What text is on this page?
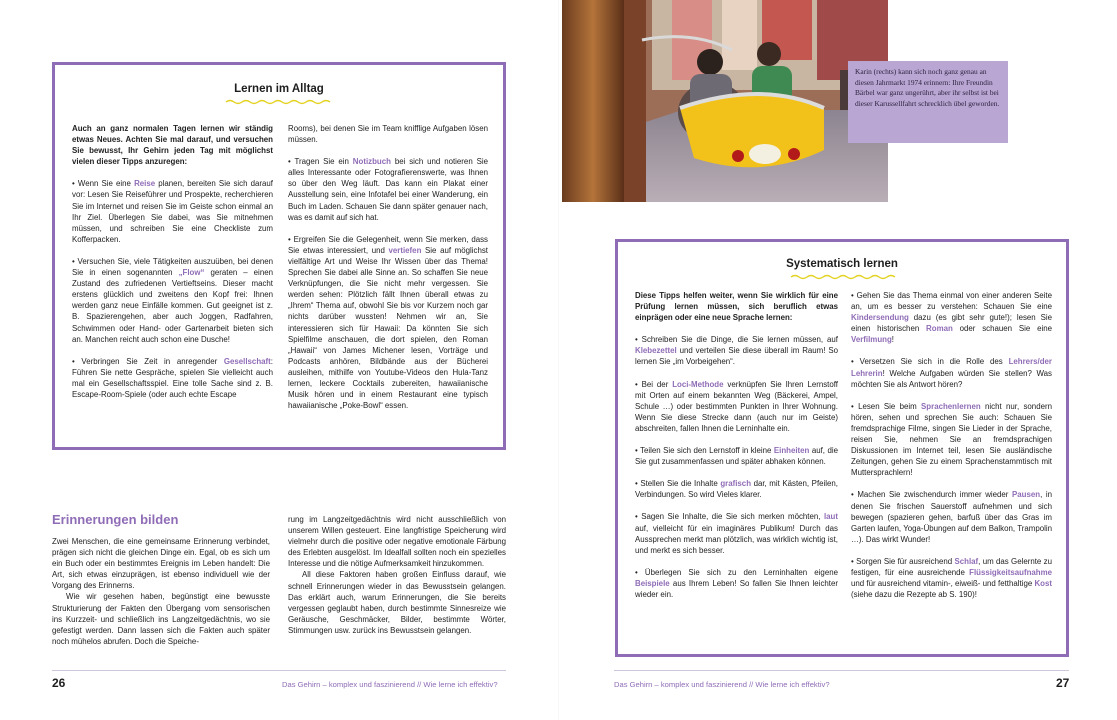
Lernen im Alltag

Auch an ganz normalen Tagen lernen wir ständig etwas Neues. Achten Sie mal darauf, und versuchen Sie bewusst, Ihr Gehirn jeden Tag mit möglichst vielen dieser Tipps anzuregen:

• Wenn Sie eine Reise planen, bereiten Sie sich darauf vor: Lesen Sie Reiseführer und Prospekte, recherchieren Sie im Internet und reisen Sie im Geiste schon einmal an Ihr Ziel. Überlegen Sie dabei, was Sie mitnehmen müssen, und schreiben Sie eine Checkliste zum Kofferpacken.

• Versuchen Sie, viele Tätigkeiten auszuüben, bei denen Sie in einen sogenannten „Flow“ geraten – einen Zustand des zufriedenen Vertieftseins. Dieser macht erstens glücklich und zweitens den Kopf frei: Ihnen werden ganz neue Einfälle kommen. Gut geeignet ist z. B. Spazierengehen, aber auch Joggen, Radfahren, Schwimmen oder Hand- oder Gartenarbeit bieten sich an. Manchen reicht auch schon eine Dusche!

• Verbringen Sie Zeit in anregender Gesellschaft: Führen Sie nette Gespräche, spielen Sie vielleicht auch mal ein Gesellschaftsspiel. Eine tolle Sache sind z. B. Escape-Room-Spiele (oder auch echte Escape

Rooms), bei denen Sie im Team knifflige Aufgaben lösen müssen.

• Tragen Sie ein Notizbuch bei sich und notieren Sie alles Interessante oder Fotografierenswerte, was Ihnen so über den Weg läuft. Das kann ein Plakat einer Ausstellung sein, eine Infotafel bei einer Wanderung, ein Buch im Laden. Schauen Sie dann später genauer nach, was es damit auf sich hat.

• Ergreifen Sie die Gelegenheit, wenn Sie merken, dass Sie etwas interessiert, und vertiefen Sie auf möglichst vielfältige Art und Weise Ihr Wissen über das Thema! Sprechen Sie dabei alle Sinne an. So schaffen Sie neue Verknüpfungen, die Sie nicht mehr vergessen. Sie werden sehen: Plötzlich fällt Ihnen überall etwas zu „Ihrem“ Thema auf, obwohl Sie bis vor Kurzem noch gar nichts darüber wussten! Nehmen wir an, Sie interessieren sich für Hawaii: Da könnten Sie sich Spielfilme anschauen, die dort spielen, den Roman „Hawaii“ von James Michener lesen, Vorträge und Podcasts anhören, Bildbände aus der Bücherei ausleihen, mithilfe von Youtube-Videos den Hula-Tanz lernen, leckere Cocktails zubereiten, hawaiianische Musik hören und in einem Restaurant eine typisch hawaiianische „Poke-Bowl“ essen.

Erinnerungen bilden

Zwei Menschen, die eine gemeinsame Erinnerung verbindet, prägen sich nicht die gleichen Dinge ein. Egal, ob es sich um ein Buch oder ein bestimmtes Ereignis im Leben handelt: Die Art, sich etwas einzuprägen, ist ebenso individuell wie der Vorgang des Erinnerns.

Wie wir gesehen haben, begünstigt eine bewusste Strukturierung der Fakten den Übergang vom sensorischen ins Kurzzeit- und schließlich ins Langzeitgedächtnis, wo sie gefestigt werden. Dann lassen sich die Fakten auch später noch mühelos abrufen. Doch die Speiche-

rung im Langzeitgedächtnis wird nicht ausschließlich von unserem Willen gesteuert. Eine langfristige Speicherung wird vielmehr durch die positive oder negative emotionale Färbung des Erlebten ausgelöst. Im Idealfall sollten noch ein spezielles Interesse und die nötige Aufmerksamkeit hinzukommen.

All diese Faktoren haben großen Einfluss darauf, wie schnell Erinnerungen wieder in das Bewusstsein gelangen. Das erklärt auch, warum Erinnerungen, die Sie bereits vergessen geglaubt haben, durch bestimmte Sinnesreize wie Geräusche, Geschmäcker, Bilder, bestimmte Wörter, Stimmungen usw. zurück ins Bewusstsein gelangen.

26	Das Gehirn – komplex und faszinierend // Wie lerne ich effektiv?
Karin (rechts) kann sich noch ganz genau an diesen Jahrmarkt 1974 erinnern: Ihre Freundin Bärbel war ganz ungerührt, aber ihr selbst ist bei dieser Karussellfahrt schrecklich übel geworden.
Systematisch lernen

Diese Tipps helfen weiter, wenn Sie wirklich für eine Prüfung lernen müssen, sich beruflich etwas einprägen oder eine neue Sprache lernen:

• Schreiben Sie die Dinge, die Sie lernen müssen, auf Klebezettel und verteilen Sie diese überall im Raum! So lernen Sie „im Vorbeigehen“.

• Bei der Loci-Methode verknüpfen Sie Ihren Lernstoff mit Orten auf einem bekannten Weg (Bäckerei, Ampel, Schule …) oder bestimmten Punkten in Ihrer Wohnung. Wenn Sie diese Strecke dann (auch nur im Geiste) abschreiten, fallen Ihnen die Lerninhalte ein.

• Teilen Sie sich den Lernstoff in kleine Einheiten auf, die Sie gut zusammenfassen und später abhaken können.

• Stellen Sie die Inhalte grafisch dar, mit Kästen, Pfeilen, Verbindungen. So wird Vieles klarer.

• Sagen Sie Inhalte, die Sie sich merken möchten, laut auf, vielleicht für ein imaginäres Publikum! Durch das Aussprechen merkt man plötzlich, was wirklich wichtig ist, und merkt es sich besser.

• Überlegen Sie sich zu den Lerninhalten eigene Beispiele aus Ihrem Leben! So fallen Sie Ihnen leichter wieder ein.

• Gehen Sie das Thema einmal von einer anderen Seite an, um es besser zu verstehen: Schauen Sie eine Kindersendung dazu (es gibt sehr gute!); lesen Sie einen historischen Roman oder schauen Sie eine Verfilmung!

• Versetzen Sie sich in die Rolle des Lehrers/der Lehrerin! Welche Aufgaben würden Sie stellen? Was möchten Sie als Antwort hören?

• Lesen Sie beim Sprachenlernen nicht nur, sondern hören, sehen und sprechen Sie auch: Schauen Sie fremdsprachige Filme, singen Sie Lieder in der Sprache, reisen Sie, nehmen Sie an fremdsprachigen Diskussionen im Internet teil, lesen Sie ausländische Zeitungen, gehen Sie zu einem Sprachenstammtisch mit Muttersprachlern!

• Machen Sie zwischendurch immer wieder Pausen, in denen Sie frischen Sauerstoff aufnehmen und sich bewegen (spazieren gehen, barfuß über das Gras im Garten laufen, Yoga-Übungen auf dem Balkon, Trampolin …). Das wirkt Wunder!

• Sorgen Sie für ausreichend Schlaf, um das Gelernte zu festigen, für eine ausreichende Flüssigkeitsaufnahme und für ausreichend vitamin-, eiweiß- und fetthaltige Kost (siehe dazu die Rezepte ab S. 190)!

Das Gehirn – komplex und faszinierend // Wie lerne ich effektiv?	27
